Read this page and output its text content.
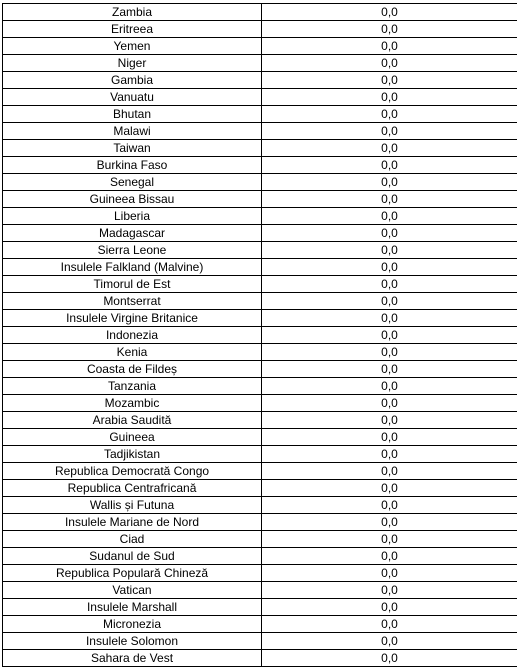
Zambia	0,0
Eritreea	0,0
Yemen	0,0
Niger	0,0
Gambia	0,0
Vanuatu	0,0
Bhutan	0,0
Malawi	0,0
Taiwan	0,0
Burkina Faso	0,0
Senegal	0,0
Guineea Bissau	0,0
Liberia	0,0
Madagascar	0,0
Sierra Leone	0,0
Insulele Falkland (Malvine)	0,0
Timorul de Est	0,0
Montserrat	0,0
Insulele Virgine Britanice	0,0
Indonezia	0,0
Kenia	0,0
Coasta de Fildeș	0,0
Tanzania	0,0
Mozambic	0,0
Arabia Saudită	0,0
Guineea	0,0
Tadjikistan	0,0
Republica Democrată Congo	0,0
Republica Centrafricană	0,0
Wallis și Futuna	0,0
Insulele Mariane de Nord	0,0
Ciad	0,0
Sudanul de Sud	0,0
Republica Populară Chineză	0,0
Vatican	0,0
Insulele Marshall	0,0
Micronezia	0,0
Insulele Solomon	0,0
Sahara de Vest	0,0
